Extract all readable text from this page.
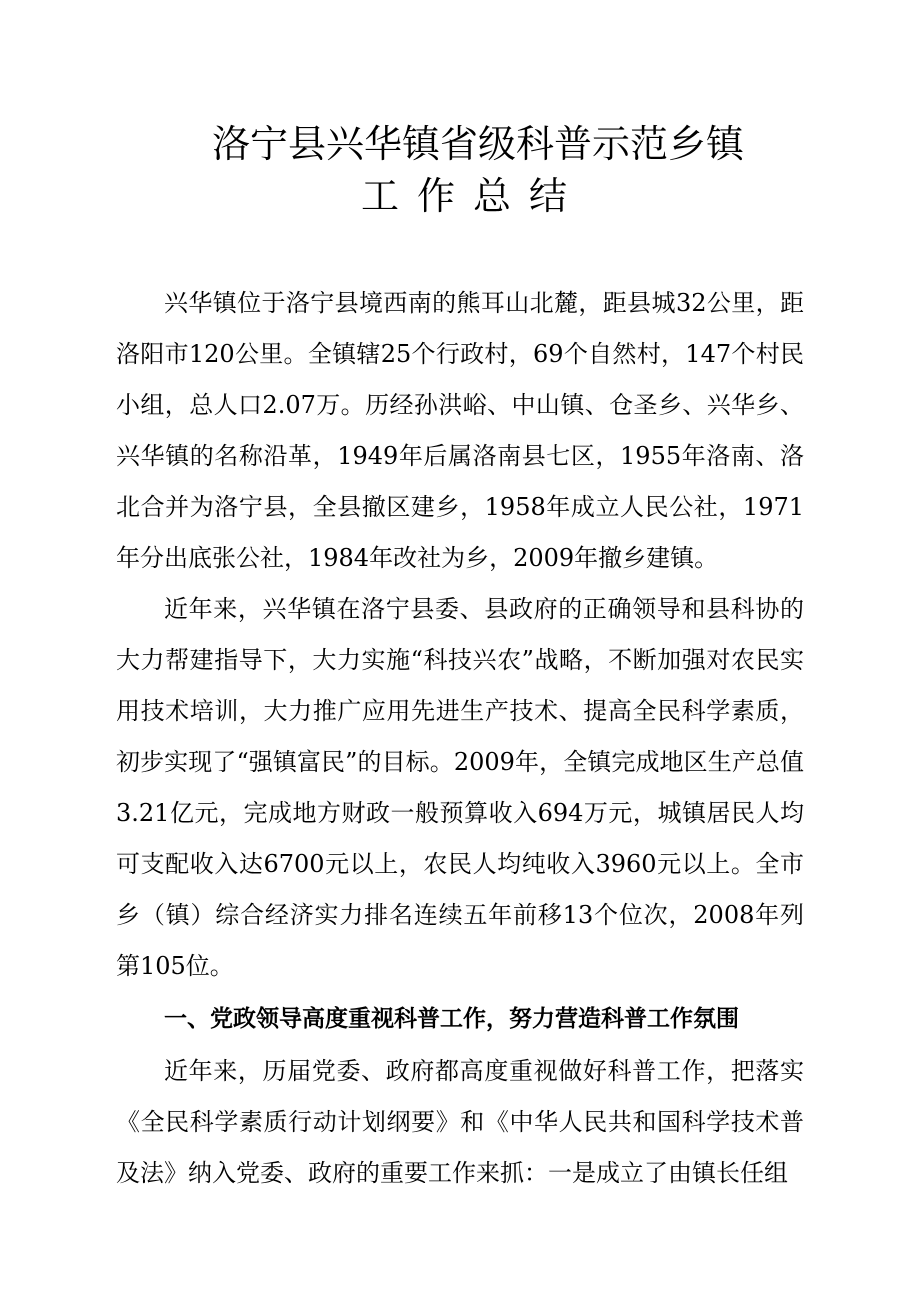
洛宁县兴华镇省级科普示范乡镇
工作总结

兴华镇位于洛宁县境西南的熊耳山北麓，距县城32公里，距洛阳市120公里。全镇辖25个行政村，69个自然村，147个村民小组，总人口2.07万。历经孙洪峪、中山镇、仓圣乡、兴华乡、兴华镇的名称沿革，1949年后属洛南县七区，1955年洛南、洛北合并为洛宁县，全县撤区建乡，1958年成立人民公社，1971年分出底张公社，1984年改社为乡，2009年撤乡建镇。

近年来，兴华镇在洛宁县委、县政府的正确领导和县科协的大力帮建指导下，大力实施“科技兴农”战略，不断加强对农民实用技术培训，大力推广应用先进生产技术、提高全民科学素质，初步实现了“强镇富民”的目标。2009年，全镇完成地区生产总值3.21亿元，完成地方财政一般预算收入694万元，城镇居民人均可支配收入达6700元以上，农民人均纯收入3960元以上。全市乡（镇）综合经济实力排名连续五年前移13个位次，2008年列第105位。

一、党政领导高度重视科普工作，努力营造科普工作氛围

近年来，历届党委、政府都高度重视做好科普工作，把落实《全民科学素质行动计划纲要》和《中华人民共和国科学技术普及法》纳入党委、政府的重要工作来抓：一是成立了由镇长任组
